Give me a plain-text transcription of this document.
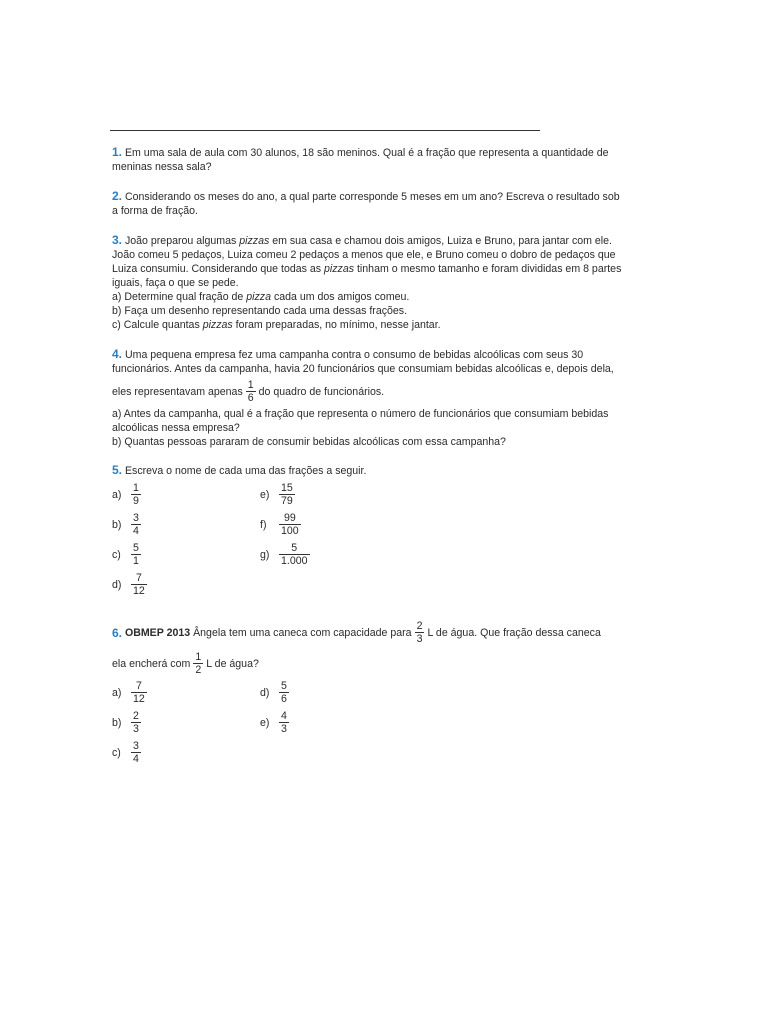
1. Em uma sala de aula com 30 alunos, 18 são meninos. Qual é a fração que representa a quantidade de
meninas nessa sala?
2. Considerando os meses do ano, a qual parte corresponde 5 meses em um ano? Escreva o resultado sob
a forma de fração.
3. João preparou algumas pizzas em sua casa e chamou dois amigos, Luiza e Bruno, para jantar com ele.
João comeu 5 pedaços, Luiza comeu 2 pedaços a menos que ele, e Bruno comeu o dobro de pedaços que
Luiza consumiu. Considerando que todas as pizzas tinham o mesmo tamanho e foram divididas em 8 partes
iguais, faça o que se pede.
a) Determine qual fração de pizza cada um dos amigos comeu.
b) Faça um desenho representando cada uma dessas frações.
c) Calcule quantas pizzas foram preparadas, no mínimo, nesse jantar.
4. Uma pequena empresa fez uma campanha contra o consumo de bebidas alcoólicas com seus 30
funcionários. Antes da campanha, havia 20 funcionários que consumiam bebidas alcoólicas e, depois dela,
eles representavam apenas $\frac{1}{6}$ do quadro de funcionários.
a) Antes da campanha, qual é a fração que representa o número de funcionários que consumiam bebidas
alcoólicas nessa empresa?
b) Quantas pessoas pararam de consumir bebidas alcoólicas com essa campanha?
5. Escreva o nome de cada uma das frações a seguir.
$a) \frac{1}{9}$
$b) \frac{3}{4}$
$c) \frac{5}{1}$
$d) \frac{7}{12}$
$e) \frac{15}{79}$
f)	$\frac{99}{100}$
$g) \frac{5}{1.000}$
6.
OBMEP 2013
Ângela tem uma caneca com capacidade para $\frac{2}{3}$ L de água. Que fração dessa caneca
ela encherá com $\frac{1}{2}$ L de água?
$a) \frac{7}{12}$
$b) \frac{2}{3}$
$c) \frac{3}{4}$
$d) \frac{5}{6}$
$e) \frac{4}{3}$
